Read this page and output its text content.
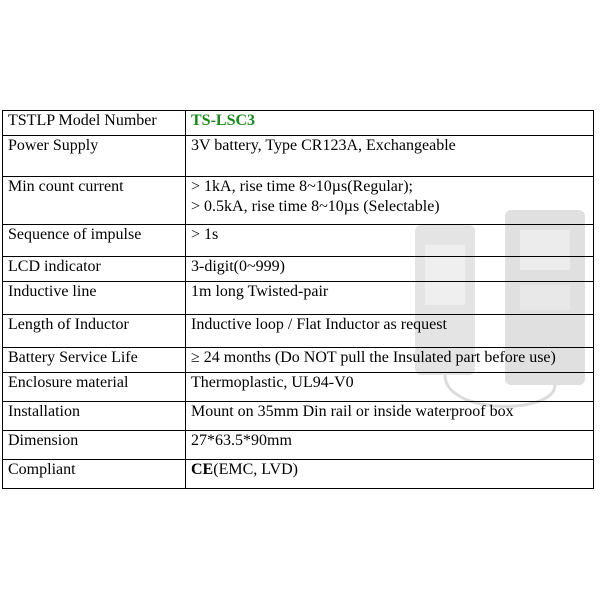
TSTLP Model Number	TS-LSC3

Power Supply	3V battery, Type CR123A, Exchangeable

Min count current	> 1kA, rise time 8~10µs(Regular);
> 0.5kA, rise time 8~10µs (Selectable)

Sequence of impulse	> 1s

LCD indicator	3-digit(0~999)

Inductive line	1m long Twisted-pair

Length of Inductor	Inductive loop / Flat Inductor as request

Battery Service Life	≥ 24 months (Do NOT pull the Insulated part before use)

Enclosure material	Thermoplastic, UL94-V0

Installation	Mount on 35mm Din rail or inside waterproof box

Dimension	27*63.5*90mm

Compliant	CE(EMC, LVD)
